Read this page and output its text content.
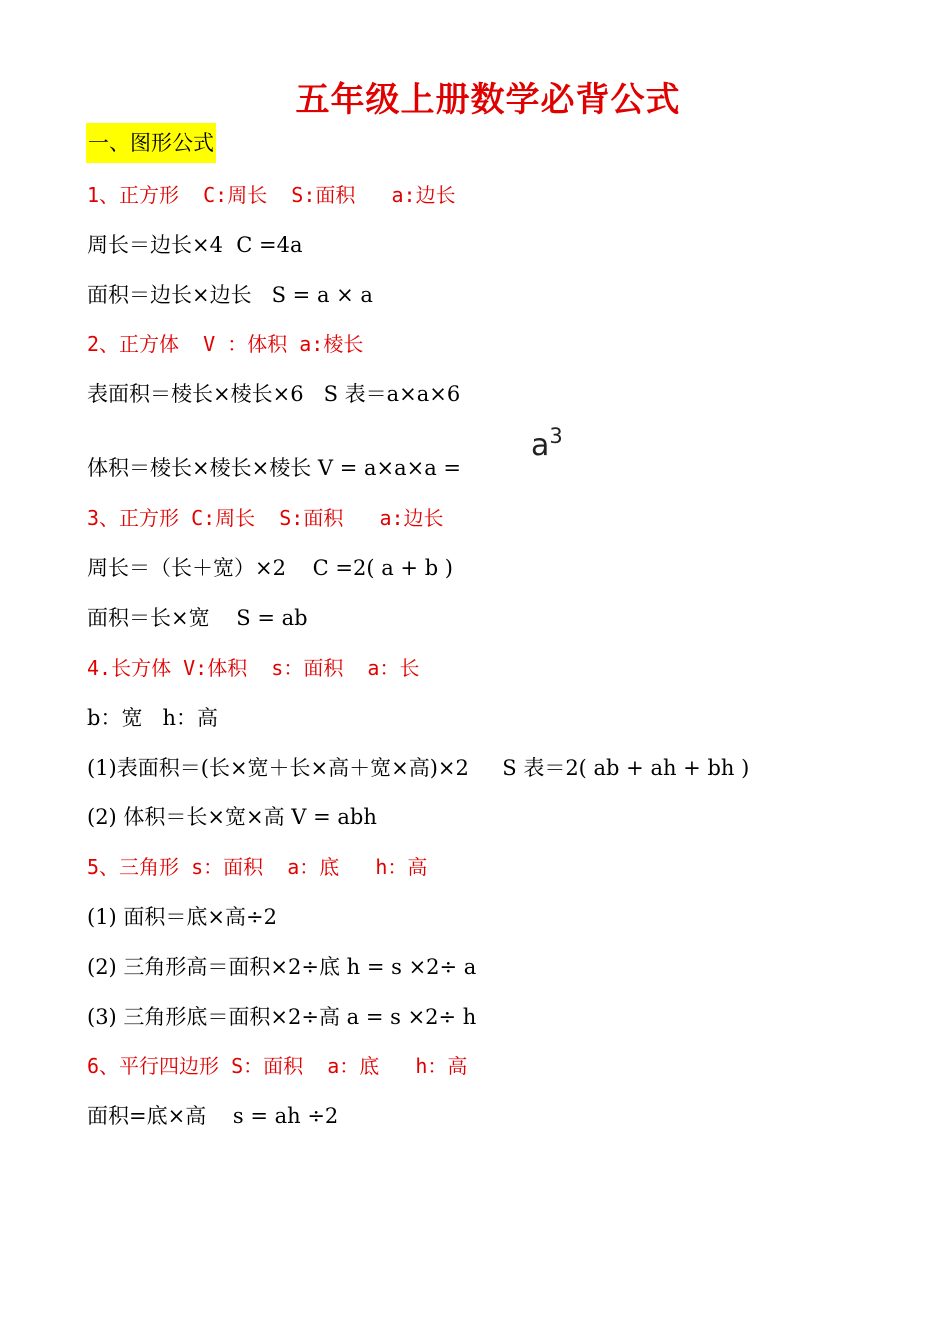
五年级上册数学必背公式
一、图形公式
1、正方形  C:周长  S:面积   a:边长
周长＝边长×4  C =4a
面积＝边长×边长   S = a × a
2、正方体  V ：体积 a:棱长
表面积＝棱长×棱长×6   S 表＝a×a×6
体积＝棱长×棱长×棱长 V = a×a×a =
3、正方形 C:周长  S:面积   a:边长
周长＝（长＋宽）×2    C =2( a + b )
面积＝长×宽    S = ab
4.长方体 V:体积  s：面积  a：长
b：宽   h：高
(1)表面积＝(长×宽＋长×高＋宽×高)×2     S 表＝2( ab + ah + bh )
(2) 体积＝长×宽×高 V = abh
5、三角形 s：面积  a：底   h：高
(1) 面积＝底×高÷2
(2) 三角形高＝面积×2÷底 h = s ×2÷ a
(3) 三角形底＝面积×2÷高 a = s ×2÷ h
6、平行四边形 S：面积  a：底   h：高
面积=底×高    s = ah ÷2
a3
